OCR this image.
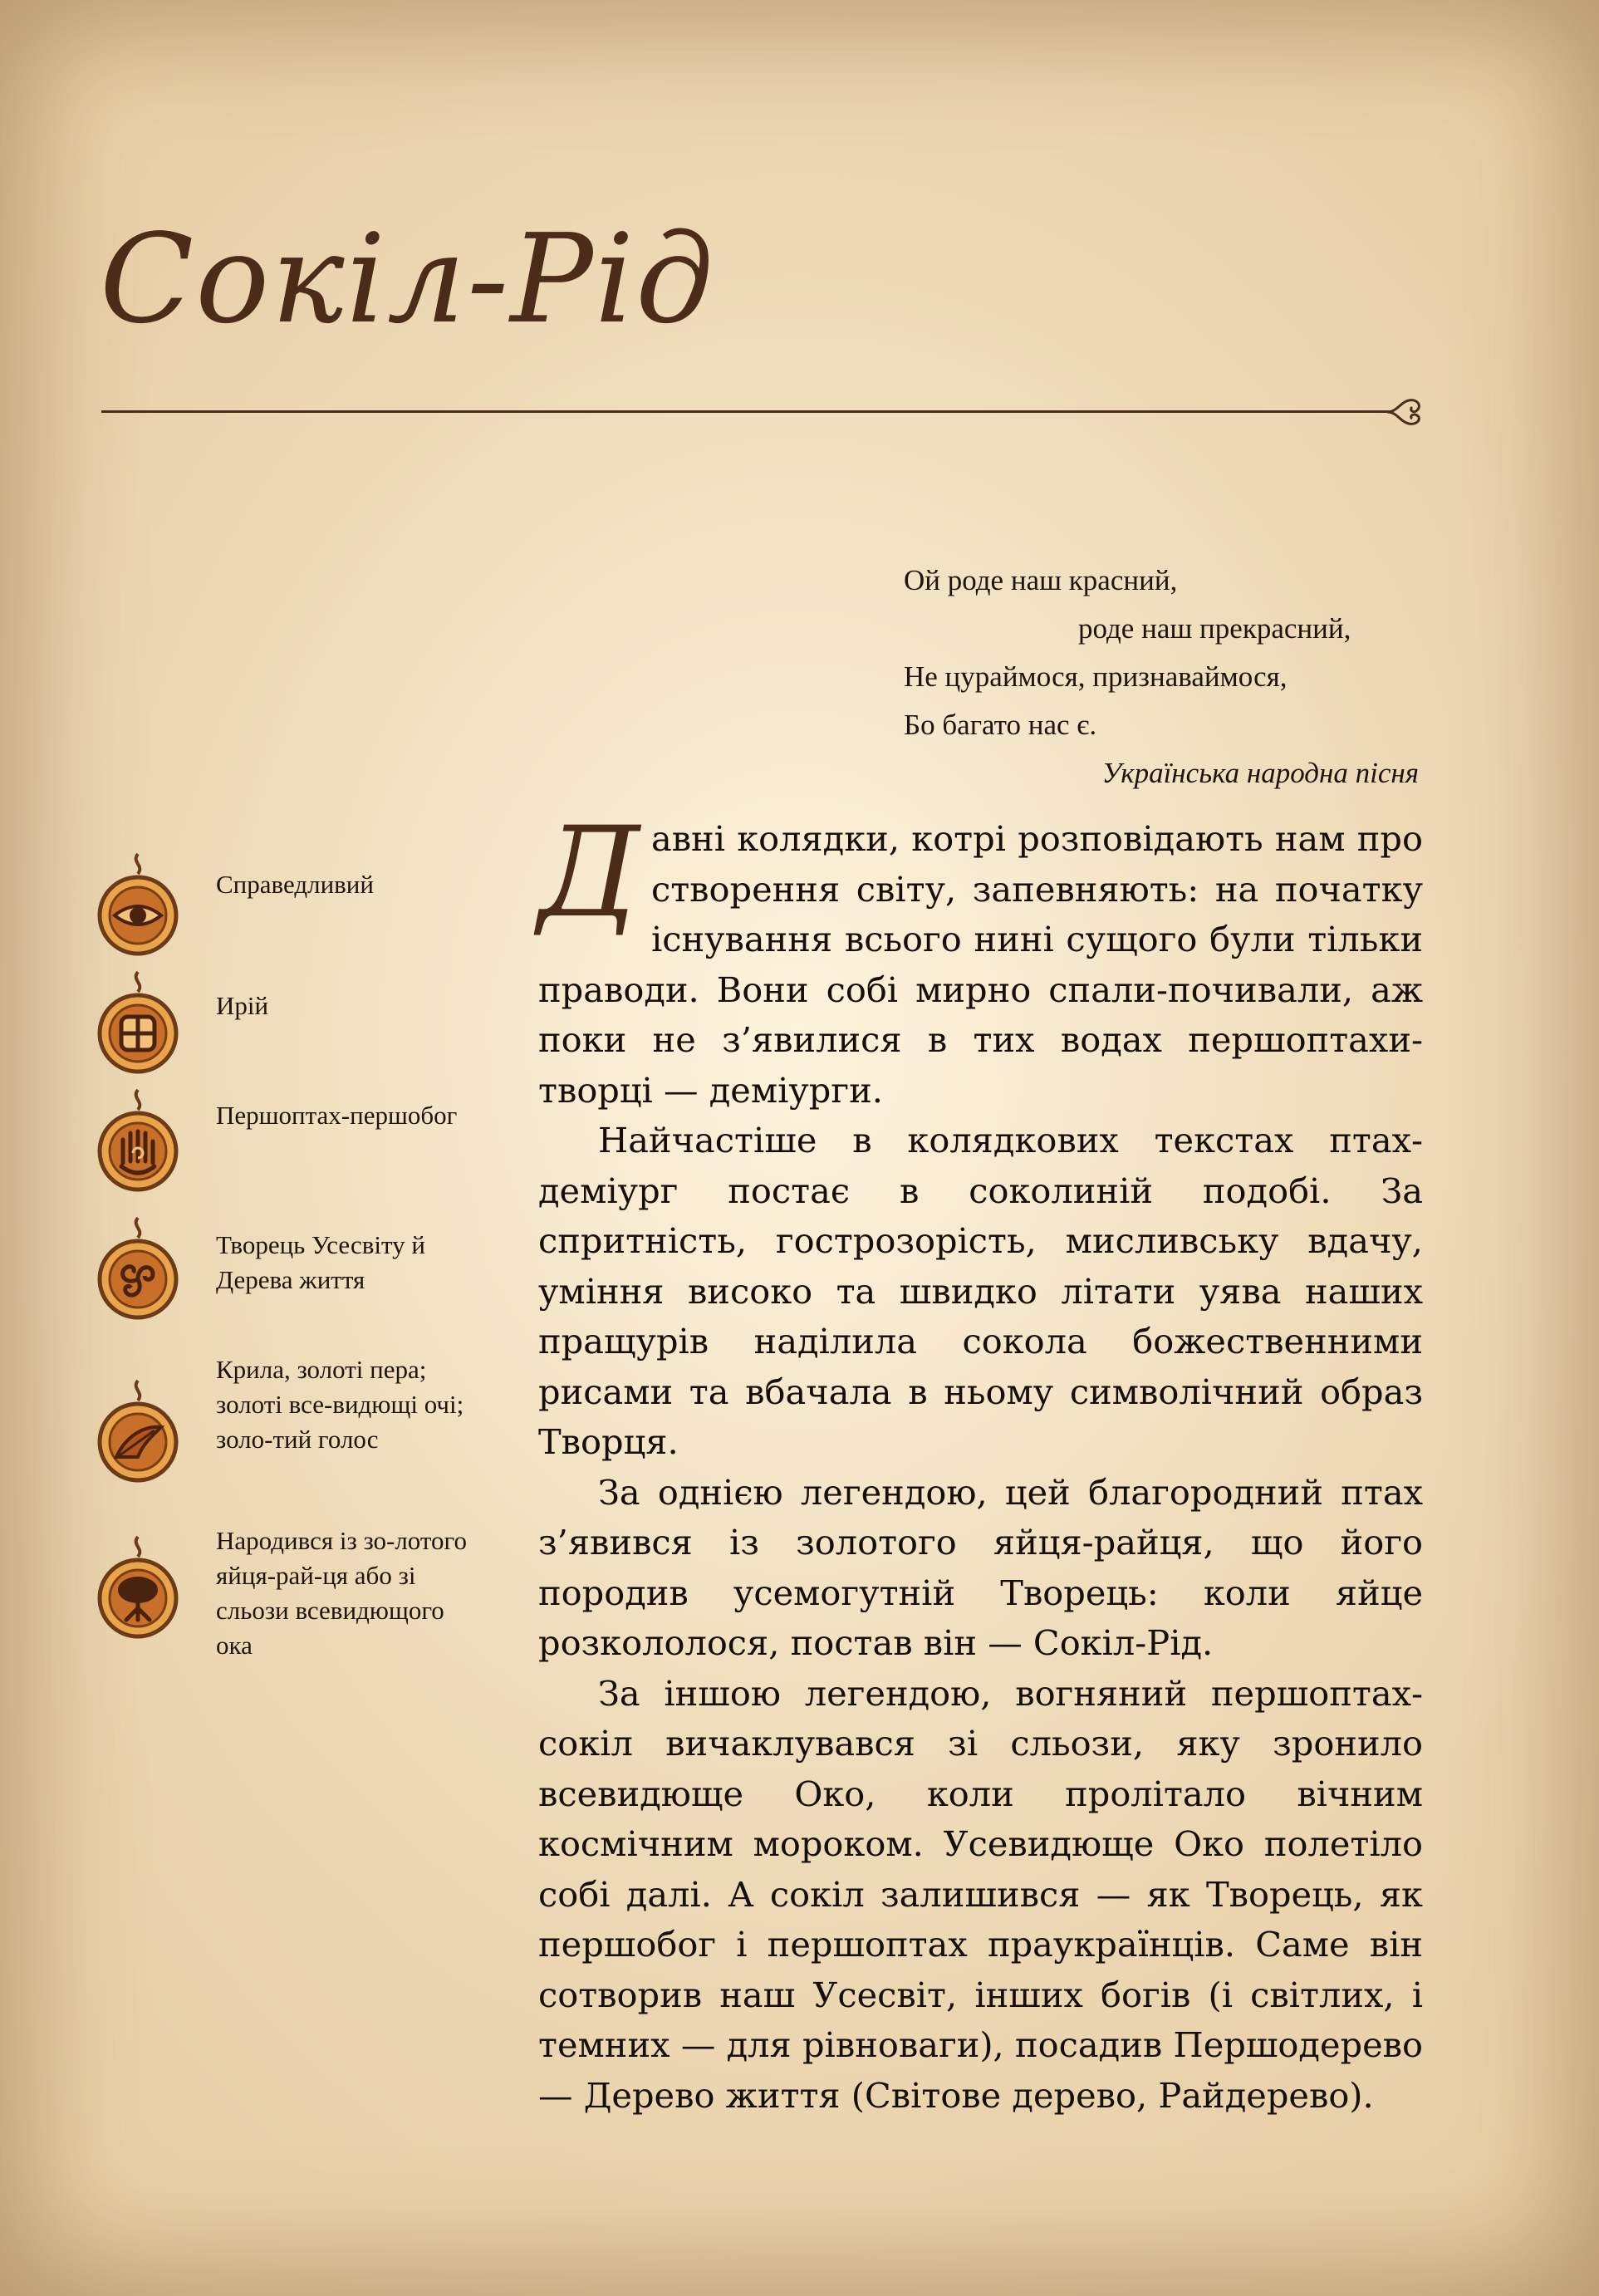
Сокіл-Рід
Ой роде наш красний,
роде наш прекрасний,
Не цураймося, признаваймося,
Бо багато нас є.
Українська народна пісня
Справедливий
Ирій
Першоптах-першобог
Творець Усесвіту й Дерева життя
Крила, золоті пера; золоті все-видющі очі; золо-тий голос
Народився із зо-лотого яйця-рай-ця або зі сльози всевидющого ока

Давні колядки, котрі розповідають нам про створення світу, запевняють: на початку існування всього нині сущого були тільки праводи. Вони собі мирно спали-почивали, аж поки не з’явилися в тих водах першоптахи-творці — деміурги.

Найчастіше в колядкових текстах птах-деміург постає в соколиній подобі. За спритність, гострозорість, мисливську вдачу, уміння високо та швидко літати уява наших пращурів наділила сокола божественними рисами та вбачала в ньому символічний образ Творця.

За однією легендою, цей благородний птах з’явився із золотого яйця-райця, що його породив усемогутній Творець: коли яйце розкололося, постав він — Сокіл-Рід.

За іншою легендою, вогняний першоптах-сокіл вичаклувався зі сльози, яку зронило всевидюще Око, коли пролітало вічним космічним мороком. Усевидюще Око полетіло собі далі. А сокіл залишився — як Творець, як першобог і першоптах праукраїнців. Саме він сотворив наш Усесвіт, інших богів (і світлих, і темних — для рівноваги), посадив Першодерево — Дерево життя (Світове дерево, Райдерево).
